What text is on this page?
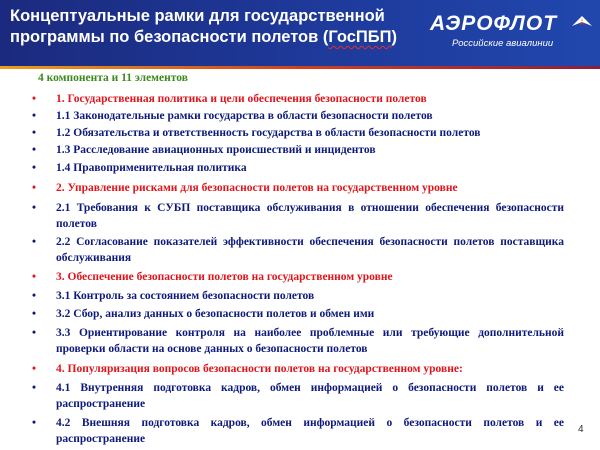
Концептуальные рамки для государственной программы по безопасности полетов (ГосПБП)
АЭРОФЛОТ
Российские авиалинии
4 компонента и 11 элементов
• 1. Государственная политика и цели обеспечения безопасности полетов
• 1.1 Законодательные рамки государства в области безопасности полетов
• 1.2 Обязательства и ответственность государства в области безопасности полетов
• 1.3 Расследование авиационных происшествий и инцидентов
• 1.4 Правоприменительная политика
• 2. Управление рисками для безопасности полетов на государственном уровне
• 2.1 Требования к СУБП поставщика обслуживания в отношении обеспечения безопасности полетов
• 2.2 Согласование показателей эффективности обеспечения безопасности полетов поставщика обслуживания
• 3. Обеспечение безопасности полетов на государственном уровне
• 3.1 Контроль за состоянием безопасности полетов
• 3.2 Сбор, анализ данных о безопасности полетов и обмен ими
• 3.3 Ориентирование контроля на наиболее проблемные или требующие дополнительной проверки области на основе данных о безопасности полетов
• 4. Популяризация вопросов безопасности полетов на государственном уровне:
• 4.1 Внутренняя подготовка кадров, обмен информацией о безопасности полетов и ее распространение
• 4.2 Внешняя подготовка кадров, обмен информацией о безопасности полетов и ее распространение
4
